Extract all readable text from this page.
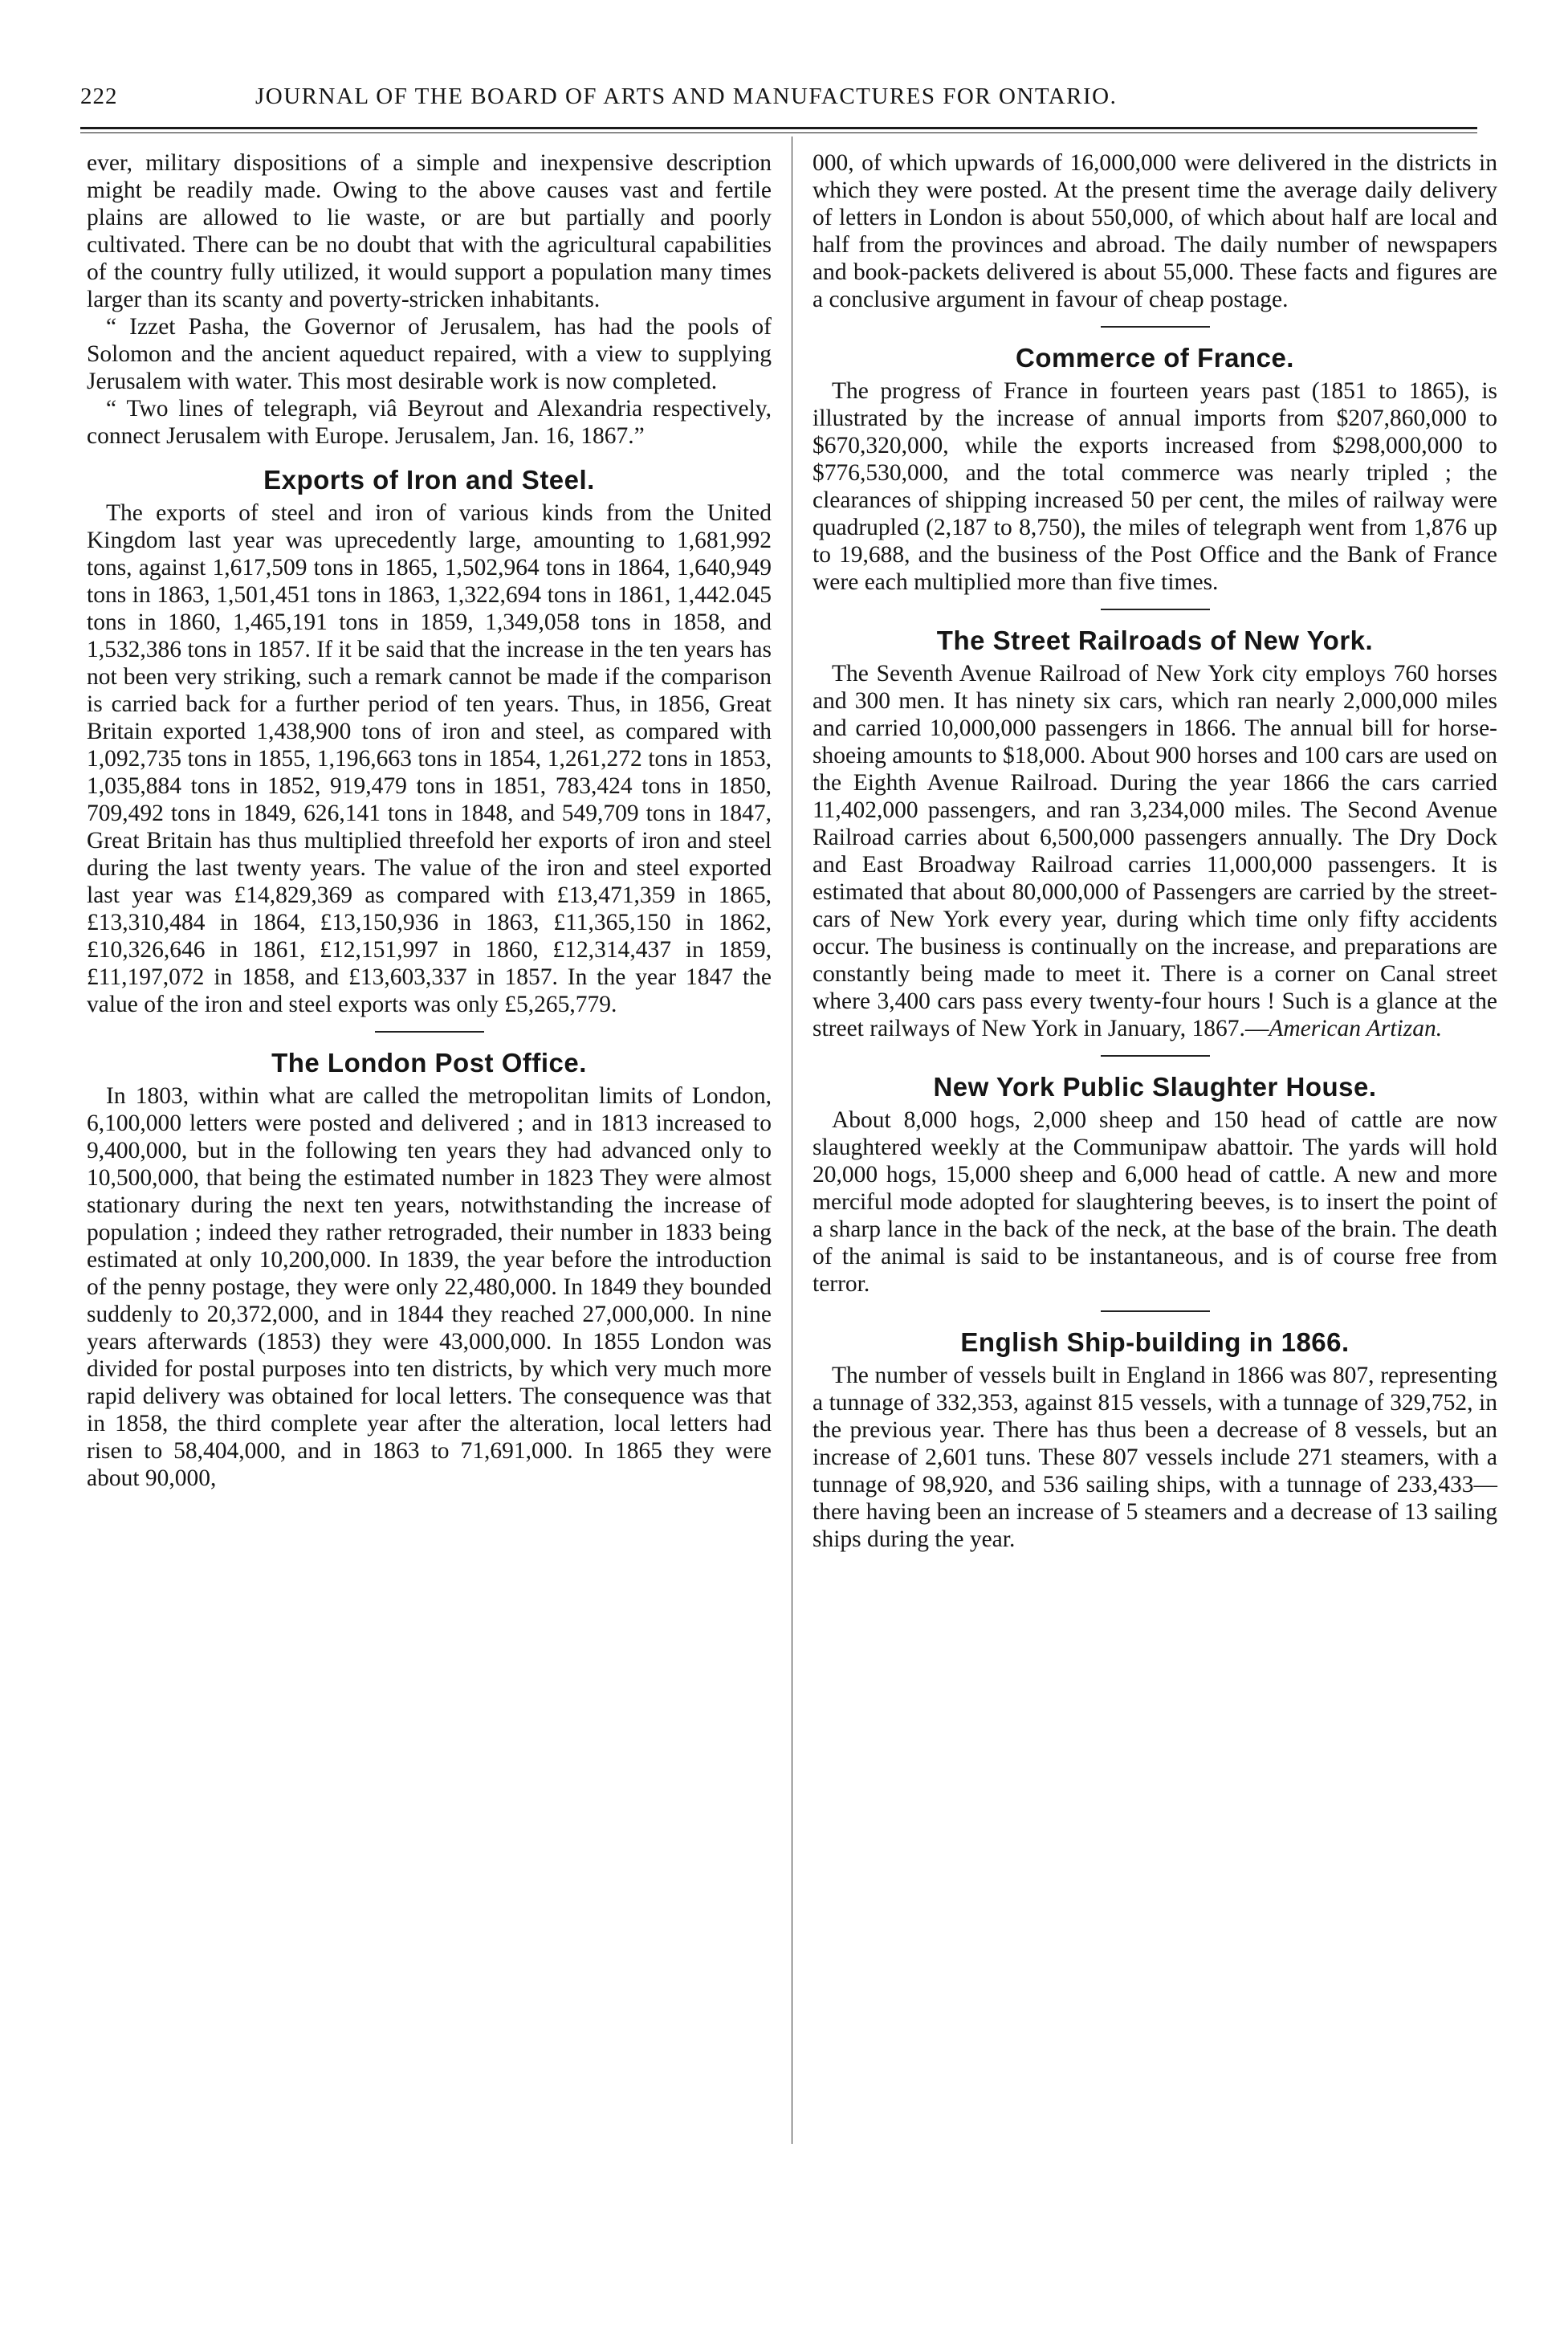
222	JOURNAL OF THE BOARD OF ARTS AND MANUFACTURES FOR ONTARIO.

ever, military dispositions of a simple and inexpensive description might be readily made. Owing to the above causes vast and fertile plains are allowed to lie waste, or are but partially and poorly cultivated. There can be no doubt that with the agricultural capabilities of the country fully utilized, it would support a population many times larger than its scanty and poverty-stricken inhabitants.

“ Izzet Pasha, the Governor of Jerusalem, has had the pools of Solomon and the ancient aqueduct repaired, with a view to supplying Jerusalem with water. This most desirable work is now completed.

“ Two lines of telegraph, viâ Beyrout and Alexandria respectively, connect Jerusalem with Europe. Jerusalem, Jan. 16, 1867.”

Exports of Iron and Steel.

The exports of steel and iron of various kinds from the United Kingdom last year was uprecedently large, amounting to 1,681,992 tons, against 1,617,509 tons in 1865, 1,502,964 tons in 1864, 1,640,949 tons in 1863, 1,501,451 tons in 1863, 1,322,694 tons in 1861, 1,442.045 tons in 1860, 1,465,191 tons in 1859, 1,349,058 tons in 1858, and 1,532,386 tons in 1857. If it be said that the increase in the ten years has not been very striking, such a remark cannot be made if the comparison is carried back for a further period of ten years. Thus, in 1856, Great Britain exported 1,438,900 tons of iron and steel, as compared with 1,092,735 tons in 1855, 1,196,663 tons in 1854, 1,261,272 tons in 1853, 1,035,884 tons in 1852, 919,479 tons in 1851, 783,424 tons in 1850, 709,492 tons in 1849, 626,141 tons in 1848, and 549,709 tons in 1847, Great Britain has thus multiplied threefold her exports of iron and steel during the last twenty years. The value of the iron and steel exported last year was £14,829,369 as compared with £13,471,359 in 1865, £13,310,484 in 1864, £13,150,936 in 1863, £11,365,150 in 1862, £10,326,646 in 1861, £12,151,997 in 1860, £12,314,437 in 1859, £11,197,072 in 1858, and £13,603,337 in 1857. In the year 1847 the value of the iron and steel exports was only £5,265,779.

The London Post Office.

In 1803, within what are called the metropolitan limits of London, 6,100,000 letters were posted and delivered ; and in 1813 increased to 9,400,000, but in the following ten years they had advanced only to 10,500,000, that being the estimated number in 1823 They were almost stationary during the next ten years, notwithstanding the increase of population ; indeed they rather retrograded, their number in 1833 being estimated at only 10,200,000. In 1839, the year before the introduction of the penny postage, they were only 22,480,000. In 1849 they bounded suddenly to 20,372,000, and in 1844 they reached 27,000,000. In nine years afterwards (1853) they were 43,000,000. In 1855 London was divided for postal purposes into ten districts, by which very much more rapid delivery was obtained for local letters. The consequence was that in 1858, the third complete year after the alteration, local letters had risen to 58,404,000, and in 1863 to 71,691,000. In 1865 they were about 90,000,

000, of which upwards of 16,000,000 were delivered in the districts in which they were posted. At the present time the average daily delivery of letters in London is about 550,000, of which about half are local and half from the provinces and abroad. The daily number of newspapers and book-packets delivered is about 55,000. These facts and figures are a conclusive argument in favour of cheap postage.

Commerce of France.

The progress of France in fourteen years past (1851 to 1865), is illustrated by the increase of annual imports from $207,860,000 to $670,320,000, while the exports increased from $298,000,000 to $776,530,000, and the total commerce was nearly tripled ; the clearances of shipping increased 50 per cent, the miles of railway were quadrupled (2,187 to 8,750), the miles of telegraph went from 1,876 up to 19,688, and the business of the Post Office and the Bank of France were each multiplied more than five times.

The Street Railroads of New York.

The Seventh Avenue Railroad of New York city employs 760 horses and 300 men. It has ninety six cars, which ran nearly 2,000,000 miles and carried 10,000,000 passengers in 1866. The annual bill for horse-shoeing amounts to $18,000. About 900 horses and 100 cars are used on the Eighth Avenue Railroad. During the year 1866 the cars carried 11,402,000 passengers, and ran 3,234,000 miles. The Second Avenue Railroad carries about 6,500,000 passengers annually. The Dry Dock and East Broadway Railroad carries 11,000,000 passengers. It is estimated that about 80,000,000 of Passengers are carried by the street-cars of New York every year, during which time only fifty accidents occur. The business is continually on the increase, and preparations are constantly being made to meet it. There is a corner on Canal street where 3,400 cars pass every twenty-four hours ! Such is a glance at the street railways of New York in January, 1867.—American Artizan.

New York Public Slaughter House.

About 8,000 hogs, 2,000 sheep and 150 head of cattle are now slaughtered weekly at the Communipaw abattoir. The yards will hold 20,000 hogs, 15,000 sheep and 6,000 head of cattle. A new and more merciful mode adopted for slaughtering beeves, is to insert the point of a sharp lance in the back of the neck, at the base of the brain. The death of the animal is said to be instantaneous, and is of course free from terror.

English Ship-building in 1866.

The number of vessels built in England in 1866 was 807, representing a tunnage of 332,353, against 815 vessels, with a tunnage of 329,752, in the previous year. There has thus been a decrease of 8 vessels, but an increase of 2,601 tuns. These 807 vessels include 271 steamers, with a tunnage of 98,920, and 536 sailing ships, with a tunnage of 233,433—there having been an increase of 5 steamers and a decrease of 13 sailing ships during the year.
